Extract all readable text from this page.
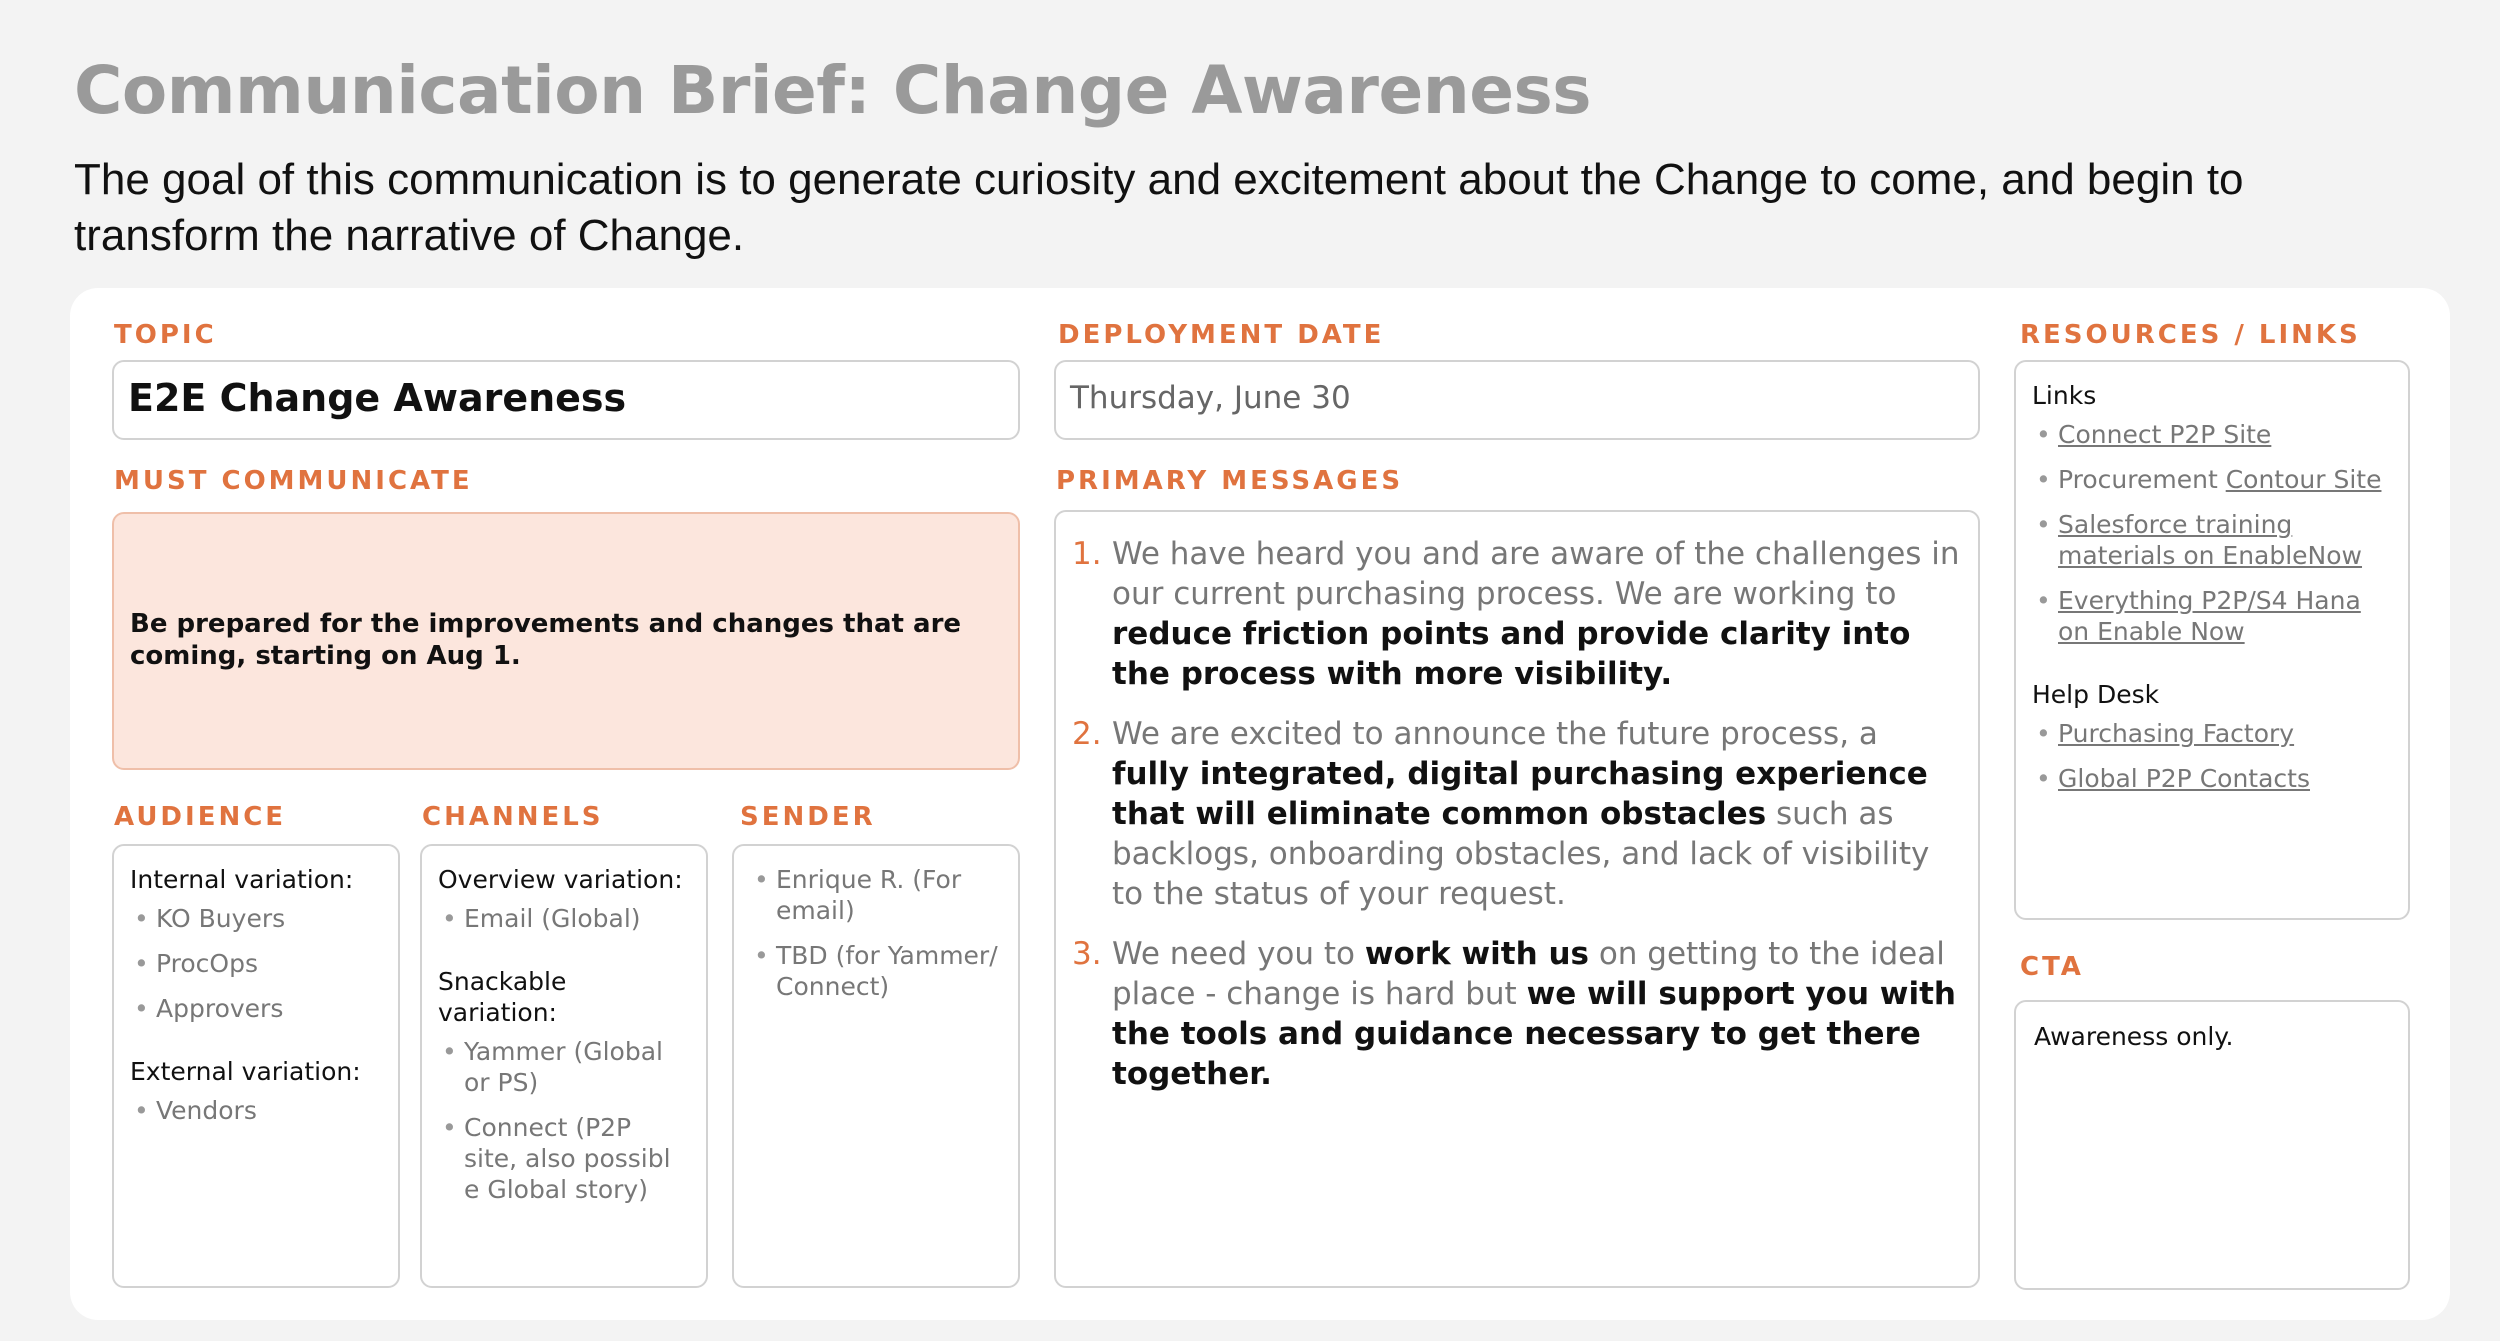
Communication Brief: Change Awareness
The goal of this communication is to generate curiosity and excitement about the Change to come, and begin to transform the narrative of Change.
TOPIC
E2E Change Awareness
DEPLOYMENT DATE
Thursday, June 30
RESOURCES / LINKS
Links
• Connect P2P Site
• Procurement Contour Site
• Salesforce training materials on EnableNow
• Everything P2P/S4 Hana on Enable Now
Help Desk
• Purchasing Factory
• Global P2P Contacts
MUST COMMUNICATE
Be prepared for the improvements and changes that are coming, starting on Aug 1.
PRIMARY MESSAGES
1. We have heard you and are aware of the challenges in our current purchasing process. We are working to reduce friction points and provide clarity into the process with more visibility.
2. We are excited to announce the future process, a fully integrated, digital purchasing experience that will eliminate common obstacles such as backlogs, onboarding obstacles, and lack of visibility to the status of your request.
3. We need you to work with us on getting to the ideal place - change is hard but we will support you with the tools and guidance necessary to get there together.
AUDIENCE
Internal variation:
• KO Buyers
• ProcOps
• Approvers
External variation:
• Vendors
CHANNELS
Overview variation:
• Email (Global)
Snackable variation:
• Yammer (Global or PS)
• Connect (P2P site, also possibl e Global story)
SENDER
• Enrique R. (For email)
• TBD (for Yammer/ Connect)
CTA
Awareness only.
